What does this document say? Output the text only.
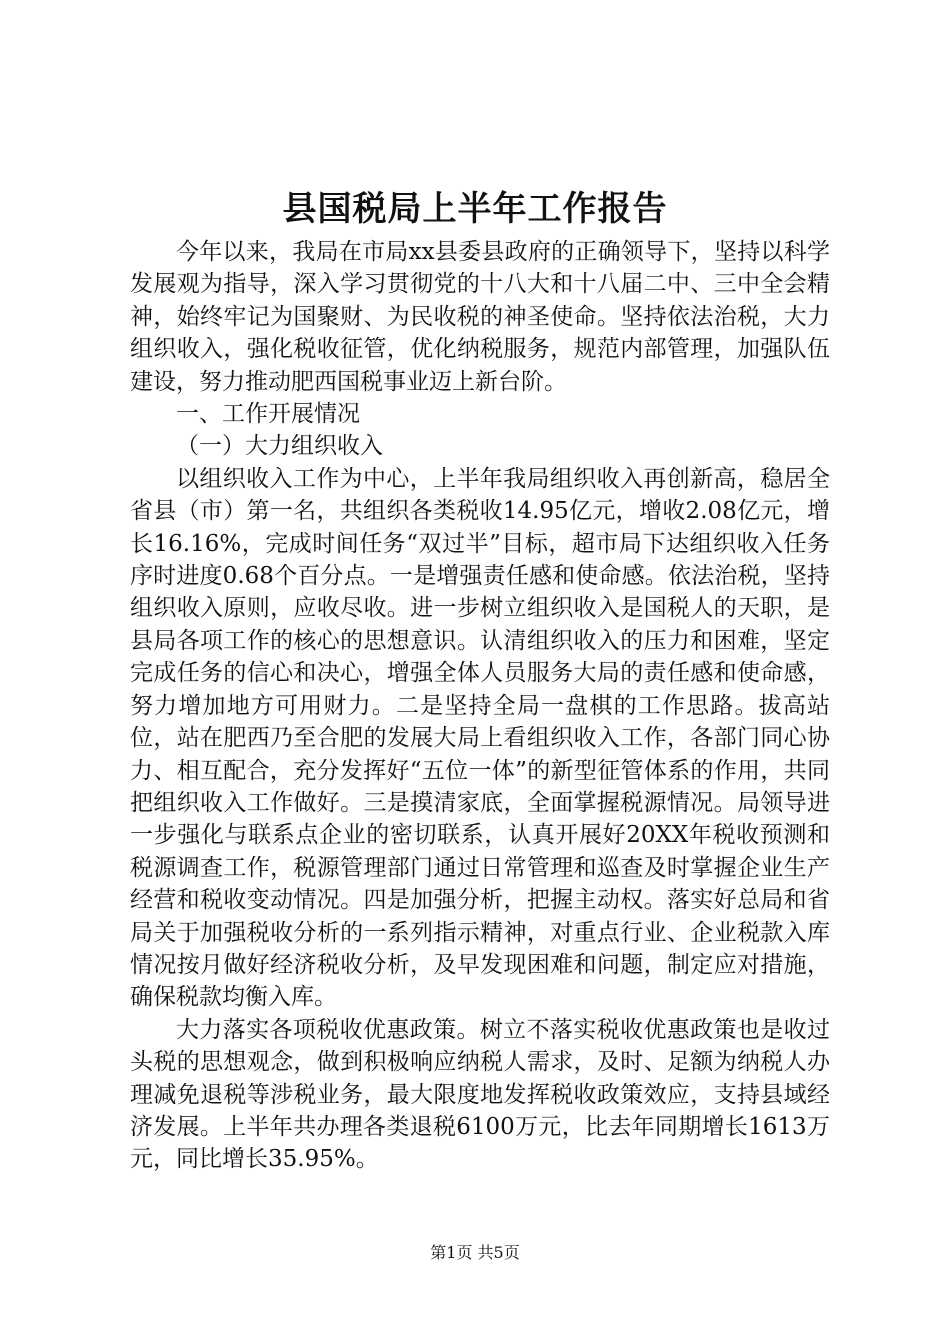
县国税局上半年工作报告

今年以来，我局在市局xx县委县政府的正确领导下，坚持以科学发展观为指导，深入学习贯彻党的十八大和十八届二中、三中全会精神，始终牢记为国聚财、为民收税的神圣使命。坚持依法治税，大力组织收入，强化税收征管，优化纳税服务，规范内部管理，加强队伍建设，努力推动肥西国税事业迈上新台阶。

一、工作开展情况

（一）大力组织收入

以组织收入工作为中心，上半年我局组织收入再创新高，稳居全省县（市）第一名，共组织各类税收14.95亿元，增收2.08亿元，增长16.16%，完成时间任务“双过半”目标，超市局下达组织收入任务序时进度0.68个百分点。一是增强责任感和使命感。依法治税，坚持组织收入原则，应收尽收。进一步树立组织收入是国税人的天职，是县局各项工作的核心的思想意识。认清组织收入的压力和困难，坚定完成任务的信心和决心，增强全体人员服务大局的责任感和使命感，努力增加地方可用财力。二是坚持全局一盘棋的工作思路。拔高站位，站在肥西乃至合肥的发展大局上看组织收入工作，各部门同心协力、相互配合，充分发挥好“五位一体”的新型征管体系的作用，共同把组织收入工作做好。三是摸清家底，全面掌握税源情况。局领导进一步强化与联系点企业的密切联系，认真开展好20XX年税收预测和税源调查工作，税源管理部门通过日常管理和巡查及时掌握企业生产经营和税收变动情况。四是加强分析，把握主动权。落实好总局和省局关于加强税收分析的一系列指示精神，对重点行业、企业税款入库情况按月做好经济税收分析，及早发现困难和问题，制定应对措施，确保税款均衡入库。

大力落实各项税收优惠政策。树立不落实税收优惠政策也是收过头税的思想观念，做到积极响应纳税人需求，及时、足额为纳税人办理减免退税等涉税业务，最大限度地发挥税收政策效应，支持县域经济发展。上半年共办理各类退税6100万元，比去年同期增长1613万元，同比增长35.95%。

第1页 共5页
